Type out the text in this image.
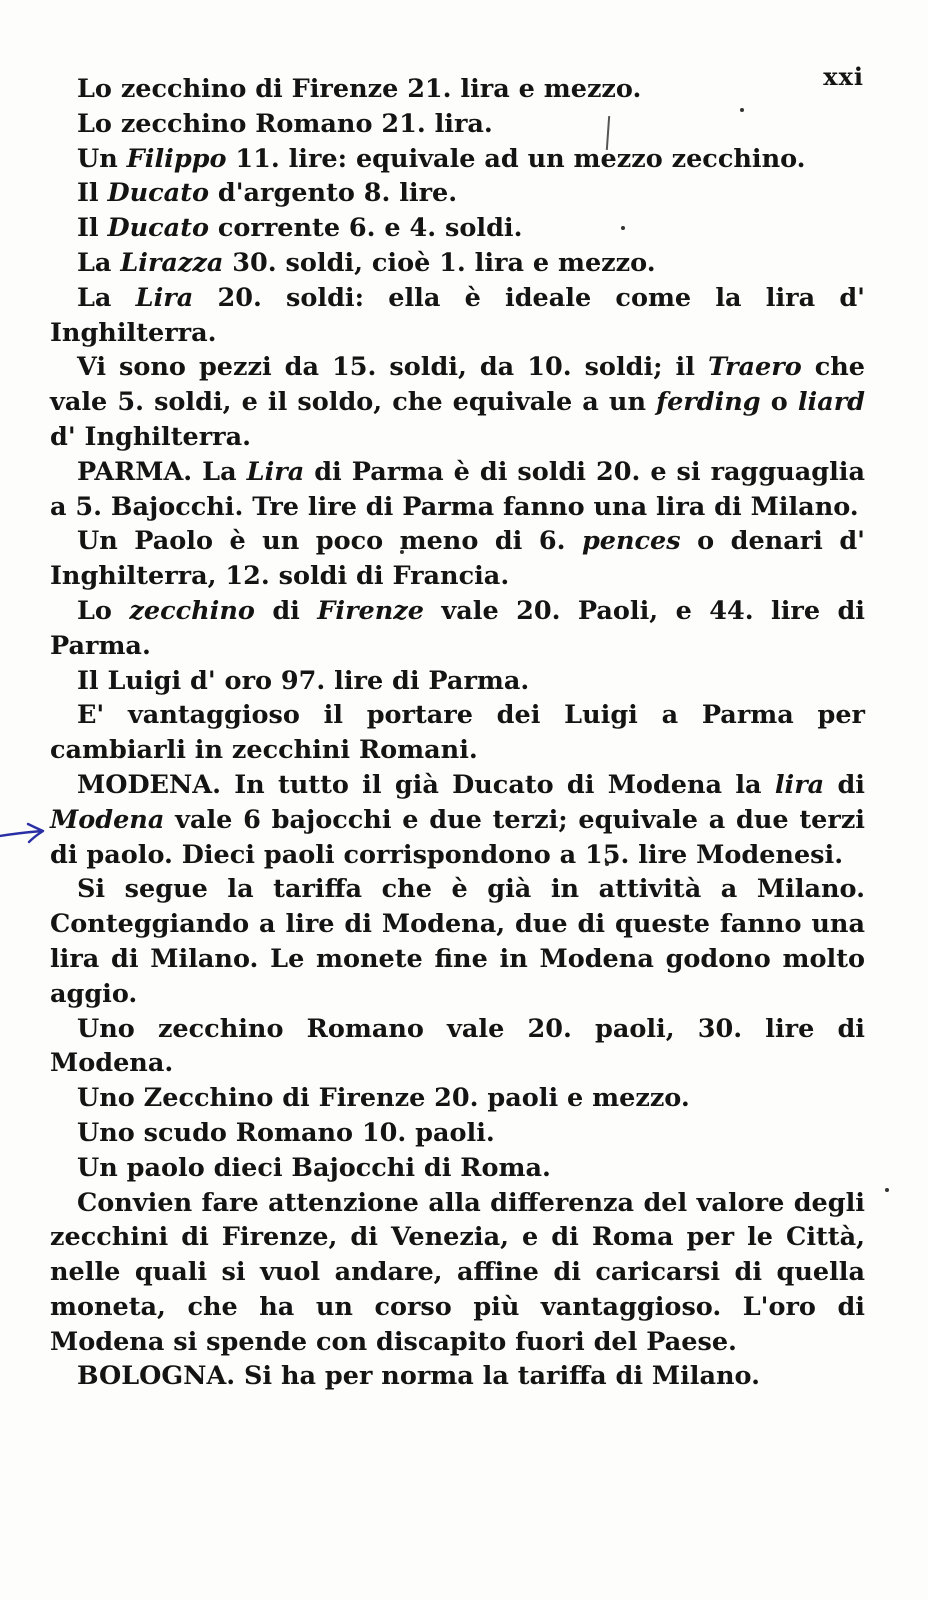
xxi

Lo zecchino di Firenze 21. lira e mezzo.

Lo zecchino Romano 21. lira.

Un Filippo 11. lire: equivale ad un mezzo zecchino.

Il Ducato d'argento 8. lire.

Il Ducato corrente 6. e 4. soldi.

La Lirazza 30. soldi, cioè 1. lira e mezzo.

La Lira 20. soldi: ella è ideale come la lira d' Inghilterra.

Vi sono pezzi da 15. soldi, da 10. soldi; il Traero che vale 5. soldi, e il soldo, che equivale a un ferding o liard d' Inghilterra.

PARMA. La Lira di Parma è di soldi 20. e si ragguaglia a 5. Bajocchi. Tre lire di Parma fanno una lira di Milano.

Un Paolo è un poco meno di 6. pences o denari d' Inghilterra, 12. soldi di Francia.

Lo zecchino di Firenze vale 20. Paoli, e 44. lire di Parma.

Il Luigi d' oro 97. lire di Parma.

E' vantaggioso il portare dei Luigi a Parma per cambiarli in zecchini Romani.

MODENA. In tutto il già Ducato di Modena la lira di Modena vale 6 bajocchi e due terzi; equivale a due terzi di paolo. Dieci paoli corrispondono a 15. lire Modenesi.

Si segue la tariffa che è già in attività a Milano. Conteggiando a lire di Modena, due di queste fanno una lira di Milano. Le monete fine in Modena godono molto aggio.

Uno zecchino Romano vale 20. paoli, 30. lire di Modena.

Uno Zecchino di Firenze 20. paoli e mezzo.

Uno scudo Romano 10. paoli.

Un paolo dieci Bajocchi di Roma.

Convien fare attenzione alla differenza del valore degli zecchini di Firenze, di Venezia, e di Roma per le Città, nelle quali si vuol andare, affine di caricarsi di quella moneta, che ha un corso più vantaggioso. L'oro di Modena si spende con discapito fuori del Paese.

BOLOGNA. Si ha per norma la tariffa di Milano.
